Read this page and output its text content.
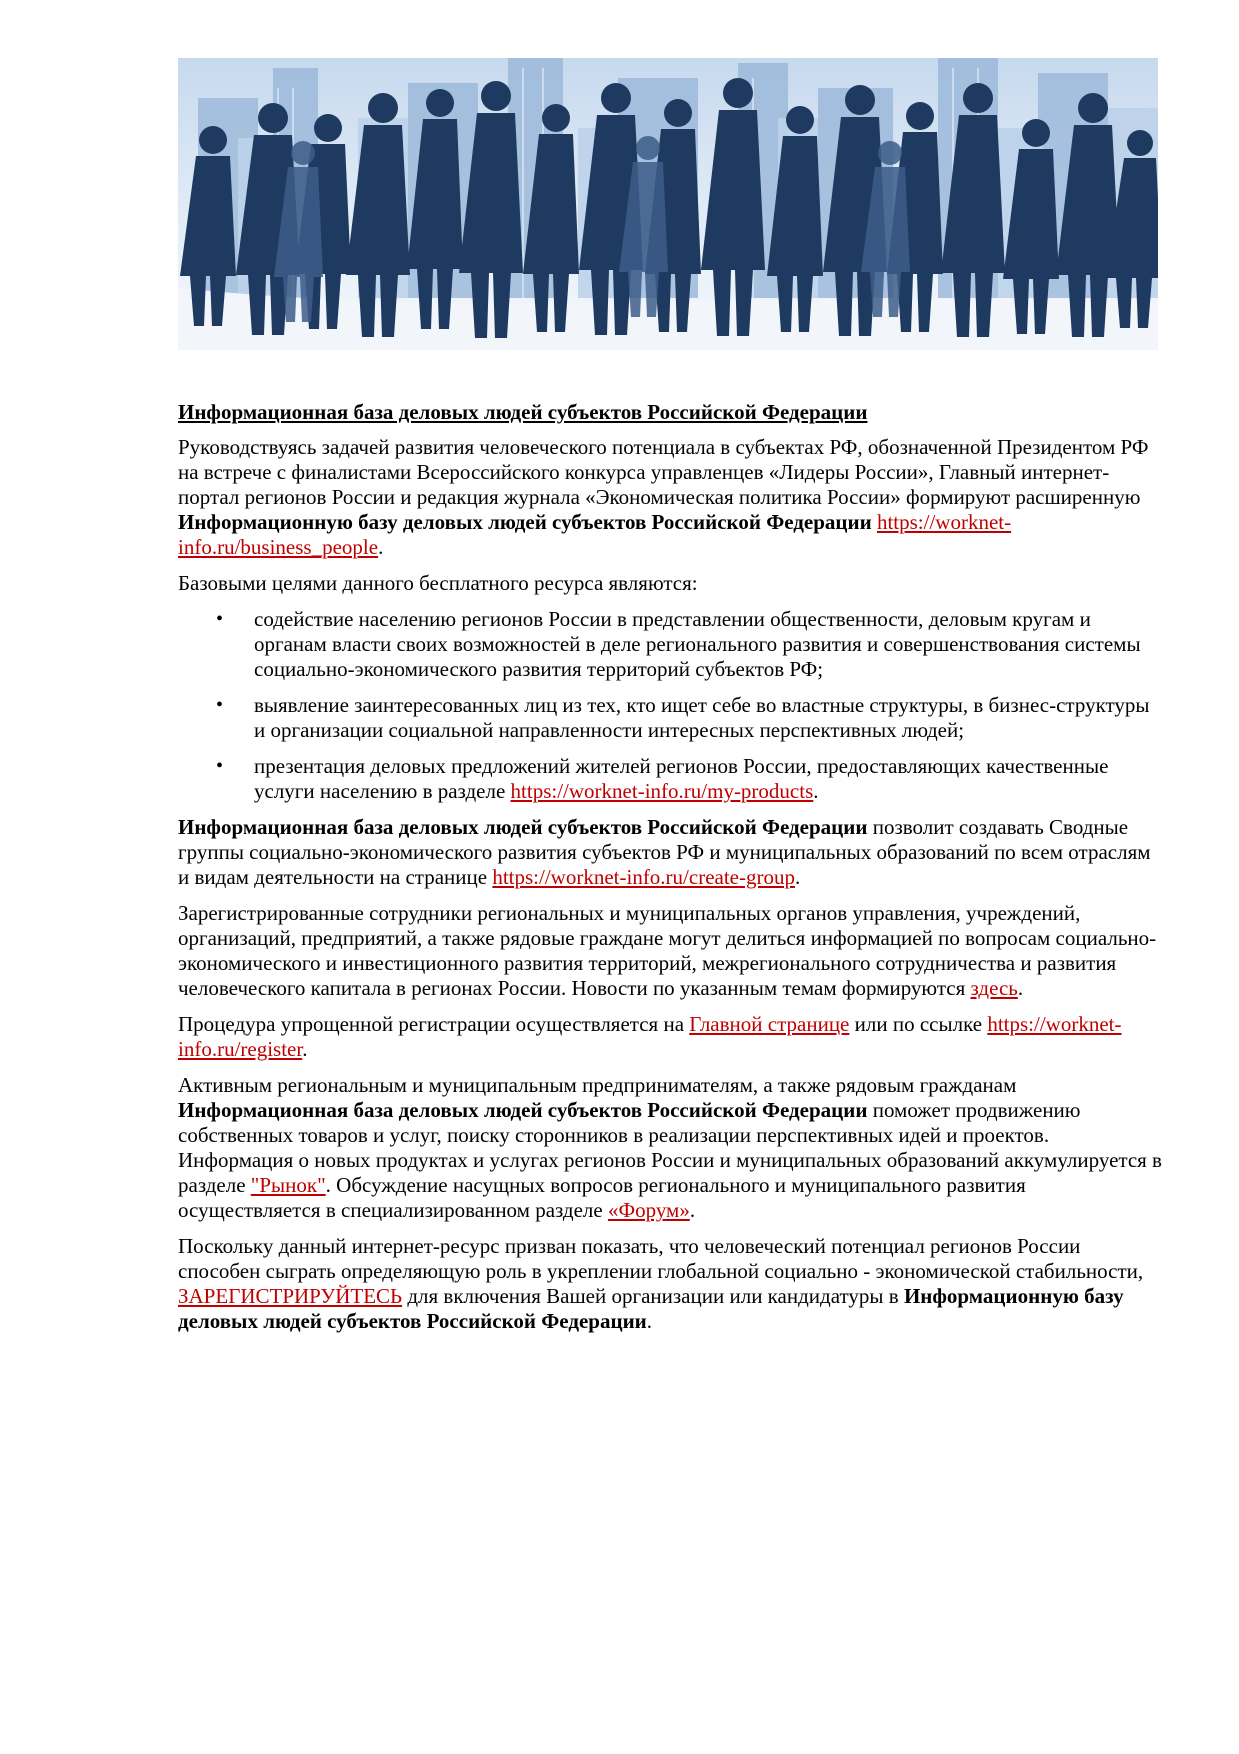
Информационная база деловых людей субъектов Российской Федерации

Руководствуясь задачей развития человеческого потенциала в субъектах РФ, обозначенной Президентом РФ на встрече с финалистами Всероссийского конкурса управленцев «Лидеры России», Главный интернет-портал регионов России и редакция журнала «Экономическая политика России» формируют расширенную Информационную базу деловых людей субъектов Российской Федерации https://worknet-info.ru/business_people.

Базовыми целями данного бесплатного ресурса являются:

• содействие населению регионов России в представлении общественности, деловым кругам и органам власти своих возможностей в деле регионального развития и совершенствования системы социально-экономического развития территорий субъектов РФ;
• выявление заинтересованных лиц из тех, кто ищет себе во властные структуры, в бизнес-структуры и организации социальной направленности интересных перспективных людей;
• презентация деловых предложений жителей регионов России, предоставляющих качественные услуги населению в разделе https://worknet-info.ru/my-products.

Информационная база деловых людей субъектов Российской Федерации позволит создавать Сводные группы социально-экономического развития субъектов РФ и муниципальных образований по всем отраслям и видам деятельности на странице https://worknet-info.ru/create-group.

Зарегистрированные сотрудники региональных и муниципальных органов управления, учреждений, организаций, предприятий, а также рядовые граждане могут делиться информацией по вопросам социально-экономического и инвестиционного развития территорий, межрегионального сотрудничества и развития человеческого капитала в регионах России. Новости по указанным темам формируются здесь.

Процедура упрощенной регистрации осуществляется на Главной странице или по ссылке https://worknet-info.ru/register.

Активным региональным и муниципальным предпринимателям, а также рядовым гражданам Информационная база деловых людей субъектов Российской Федерации поможет продвижению собственных товаров и услуг, поиску сторонников в реализации перспективных идей и проектов. Информация о новых продуктах и услугах регионов России и муниципальных образований аккумулируется в разделе "Рынок". Обсуждение насущных вопросов регионального и муниципального развития осуществляется в специализированном разделе «Форум».

Поскольку данный интернет-ресурс призван показать, что человеческий потенциал регионов России способен сыграть определяющую роль в укреплении глобальной социально - экономической стабильности, ЗАРЕГИСТРИРУЙТЕСЬ для включения Вашей организации или кандидатуры в Информационную базу деловых людей субъектов Российской Федерации.
